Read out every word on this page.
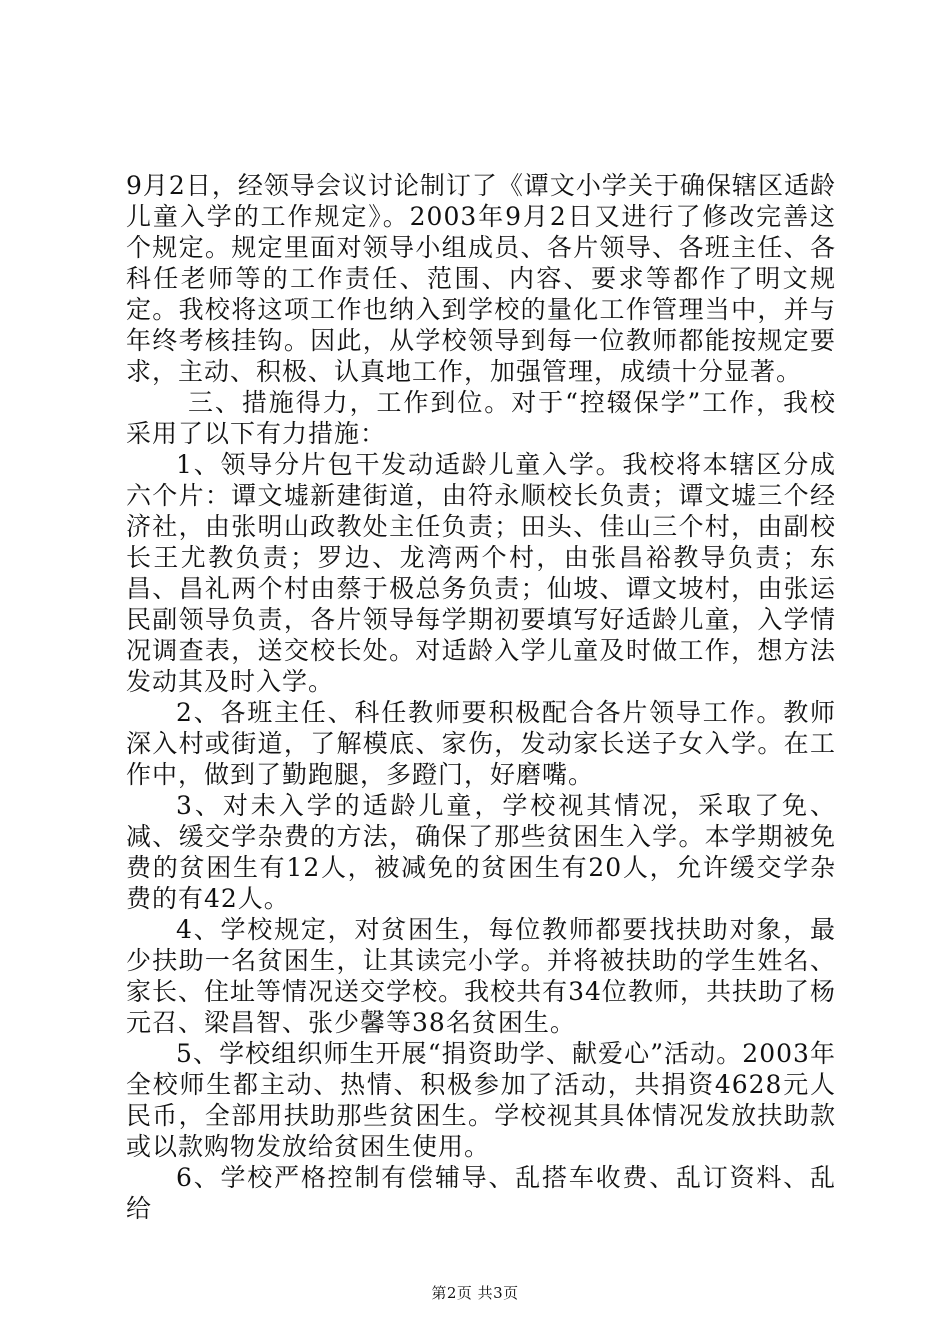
9月2日，经领导会议讨论制订了《谭文小学关于确保辖区适龄儿童入学的工作规定》。2003年9月2日又进行了修改完善这个规定。规定里面对领导小组成员、各片领导、各班主任、各科任老师等的工作责任、范围、内容、要求等都作了明文规定。我校将这项工作也纳入到学校的量化工作管理当中，并与年终考核挂钩。因此，从学校领导到每一位教师都能按规定要求，主动、积极、认真地工作，加强管理，成绩十分显著。

三、措施得力，工作到位。对于“控辍保学”工作，我校采用了以下有力措施：

1、领导分片包干发动适龄儿童入学。我校将本辖区分成六个片：谭文墟新建街道，由符永顺校长负责；谭文墟三个经济社，由张明山政教处主任负责；田头、佳山三个村，由副校长王尤教负责；罗边、龙湾两个村，由张昌裕教导负责；东昌、昌礼两个村由蔡于极总务负责；仙坡、谭文坡村，由张运民副领导负责，各片领导每学期初要填写好适龄儿童，入学情况调查表，送交校长处。对适龄入学儿童及时做工作，想方法发动其及时入学。

2、各班主任、科任教师要积极配合各片领导工作。教师深入村或街道，了解模底、家伤，发动家长送子女入学。在工作中，做到了勤跑腿，多蹬门，好磨嘴。

3、对未入学的适龄儿童，学校视其情况，采取了免、减、缓交学杂费的方法，确保了那些贫困生入学。本学期被免费的贫困生有12人，被减免的贫困生有20人，允许缓交学杂费的有42人。

4、学校规定，对贫困生，每位教师都要找扶助对象，最少扶助一名贫困生，让其读完小学。并将被扶助的学生姓名、家长、住址等情况送交学校。我校共有34位教师，共扶助了杨元召、梁昌智、张少馨等38名贫困生。

5、学校组织师生开展“捐资助学、献爱心”活动。2003年全校师生都主动、热情、积极参加了活动，共捐资4628元人民币，全部用扶助那些贫困生。学校视其具体情况发放扶助款或以款购物发放给贫困生使用。

6、学校严格控制有偿辅导、乱搭车收费、乱订资料、乱给

第2页 共3页
